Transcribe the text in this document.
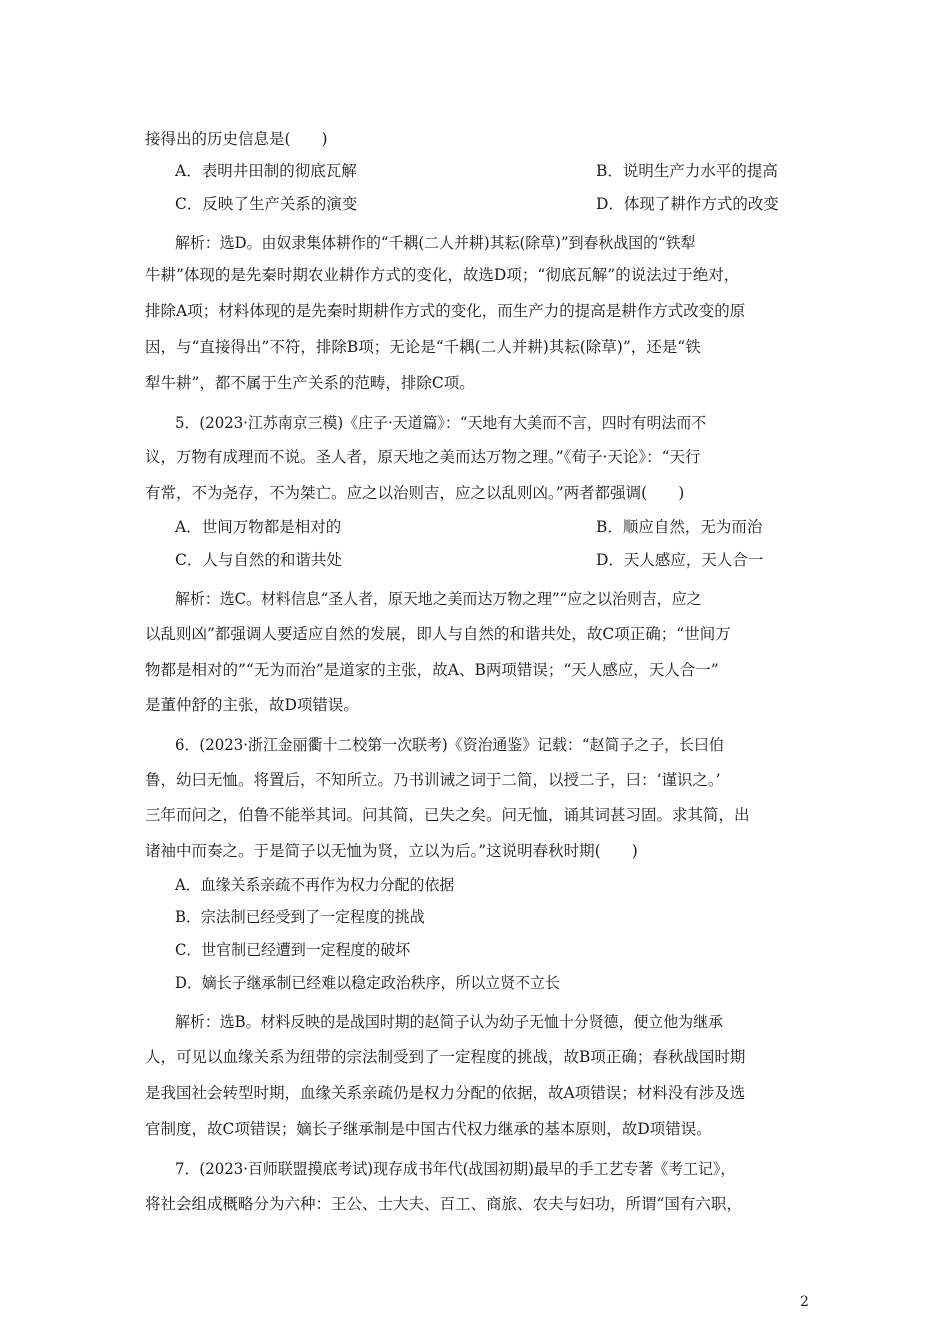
接得出的历史信息是(　　)
A．表明井田制的彻底瓦解	B．说明生产力水平的提高
C．反映了生产关系的演变	D．体现了耕作方式的改变
解析：选D。由奴隶集体耕作的“千耦(二人并耕)其耘(除草)”到春秋战国的“铁犁
牛耕”体现的是先秦时期农业耕作方式的变化，故选D项；“彻底瓦解”的说法过于绝对，
排除A项；材料体现的是先秦时期耕作方式的变化，而生产力的提高是耕作方式改变的原
因，与“直接得出”不符，排除B项；无论是“千耦(二人并耕)其耘(除草)”，还是“铁
犁牛耕”，都不属于生产关系的范畴，排除C项。
5．(2023·江苏南京三模)《庄子·天道篇》：“天地有大美而不言，四时有明法而不
议，万物有成理而不说。圣人者，原天地之美而达万物之理。”《荀子·天论》：“天行
有常，不为尧存，不为桀亡。应之以治则吉，应之以乱则凶。”两者都强调(　　)
A．世间万物都是相对的	B．顺应自然，无为而治
C．人与自然的和谐共处	D．天人感应，天人合一
解析：选C。材料信息“圣人者，原天地之美而达万物之理”“应之以治则吉，应之
以乱则凶”都强调人要适应自然的发展，即人与自然的和谐共处，故C项正确；“世间万
物都是相对的”“无为而治”是道家的主张，故A、B两项错误；“天人感应，天人合一”
是董仲舒的主张，故D项错误。
6．(2023·浙江金丽衢十二校第一次联考)《资治通鉴》记载：“赵简子之子，长曰伯
鲁，幼曰无恤。将置后，不知所立。乃书训诫之词于二简，以授二子，曰：‘谨识之。’
三年而问之，伯鲁不能举其词。问其简，已失之矣。问无恤，诵其词甚习固。求其简，出
诸袖中而奏之。于是简子以无恤为贤，立以为后。”这说明春秋时期(　　)
A．血缘关系亲疏不再作为权力分配的依据
B．宗法制已经受到了一定程度的挑战
C．世官制已经遭到一定程度的破坏
D．嫡长子继承制已经难以稳定政治秩序，所以立贤不立长
解析：选B。材料反映的是战国时期的赵简子认为幼子无恤十分贤德，便立他为继承
人，可见以血缘关系为纽带的宗法制受到了一定程度的挑战，故B项正确；春秋战国时期
是我国社会转型时期，血缘关系亲疏仍是权力分配的依据，故A项错误；材料没有涉及选
官制度，故C项错误；嫡长子继承制是中国古代权力继承的基本原则，故D项错误。
7．(2023·百师联盟摸底考试)现存成书年代(战国初期)最早的手工艺专著《考工记》，
将社会组成概略分为六种：王公、士大夫、百工、商旅、农夫与妇功，所谓“国有六职，
2
